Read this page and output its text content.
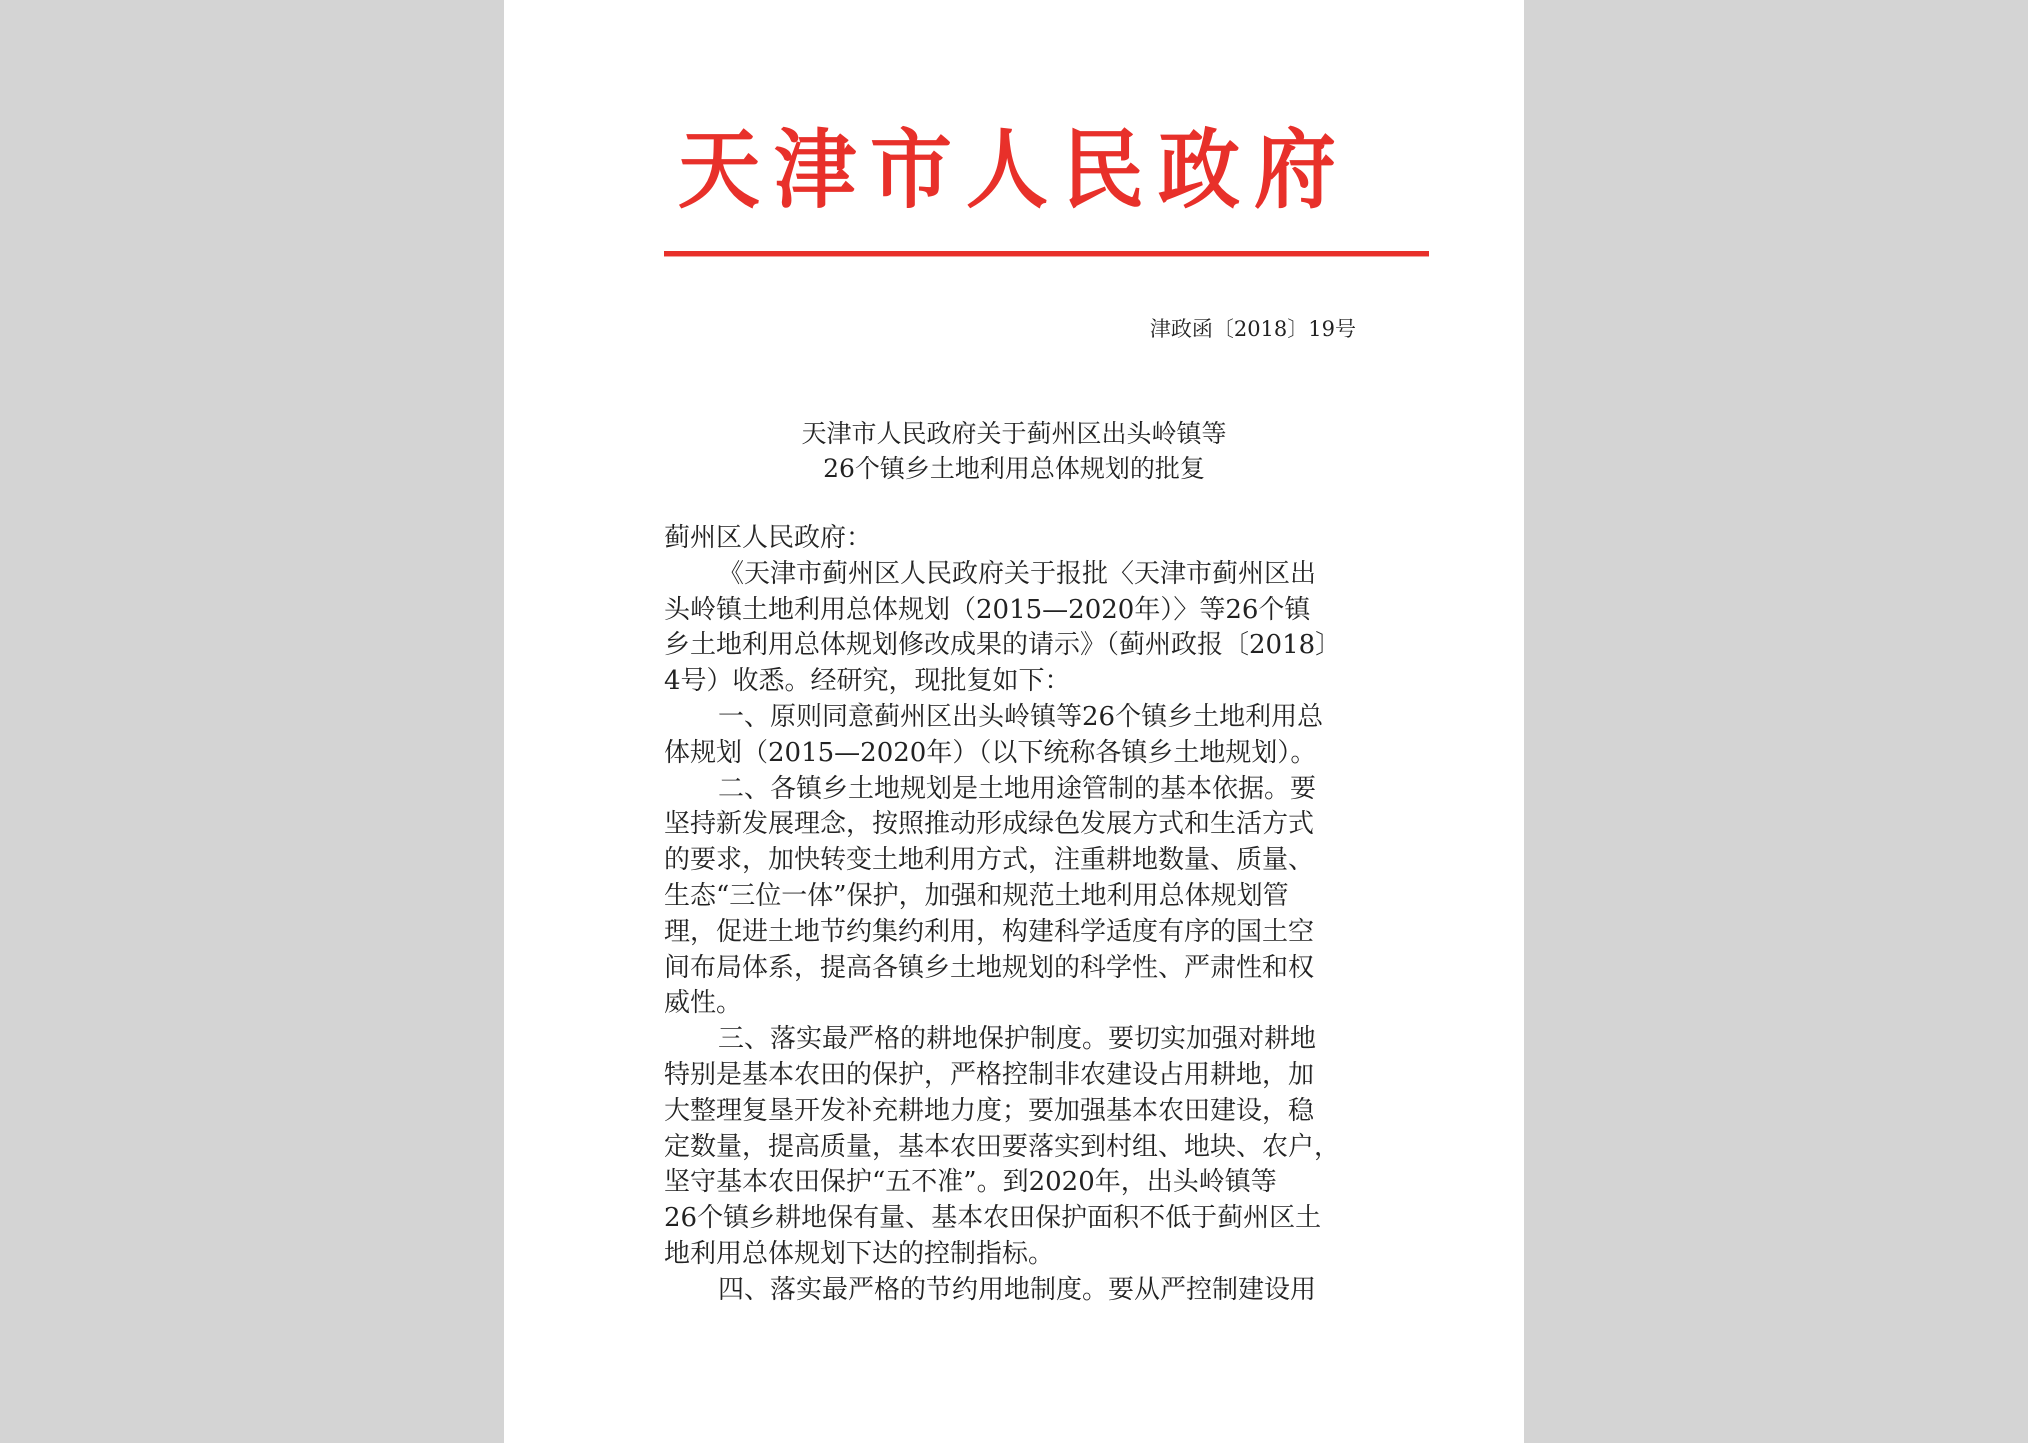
天津市人民政府
津政函〔2018〕19号
天津市人民政府关于蓟州区出头岭镇等
26个镇乡土地利用总体规划的批复
蓟州区人民政府：
《天津市蓟州区人民政府关于报批〈天津市蓟州区出
头岭镇土地利用总体规划（2015—2020年）〉等26个镇
乡土地利用总体规划修改成果的请示》（蓟州政报〔2018〕
4号）收悉。经研究，现批复如下：
一、原则同意蓟州区出头岭镇等26个镇乡土地利用总
体规划（2015—2020年）（以下统称各镇乡土地规划）。
二、各镇乡土地规划是土地用途管制的基本依据。要
坚持新发展理念，按照推动形成绿色发展方式和生活方式
的要求，加快转变土地利用方式，注重耕地数量、质量、
生态“三位一体”保护，加强和规范土地利用总体规划管
理，促进土地节约集约利用，构建科学适度有序的国土空
间布局体系，提高各镇乡土地规划的科学性、严肃性和权
威性。
三、落实最严格的耕地保护制度。要切实加强对耕地
特别是基本农田的保护，严格控制非农建设占用耕地，加
大整理复垦开发补充耕地力度；要加强基本农田建设，稳
定数量，提高质量，基本农田要落实到村组、地块、农户，
坚守基本农田保护“五不准”。到2020年，出头岭镇等
26个镇乡耕地保有量、基本农田保护面积不低于蓟州区土
地利用总体规划下达的控制指标。
四、落实最严格的节约用地制度。要从严控制建设用
